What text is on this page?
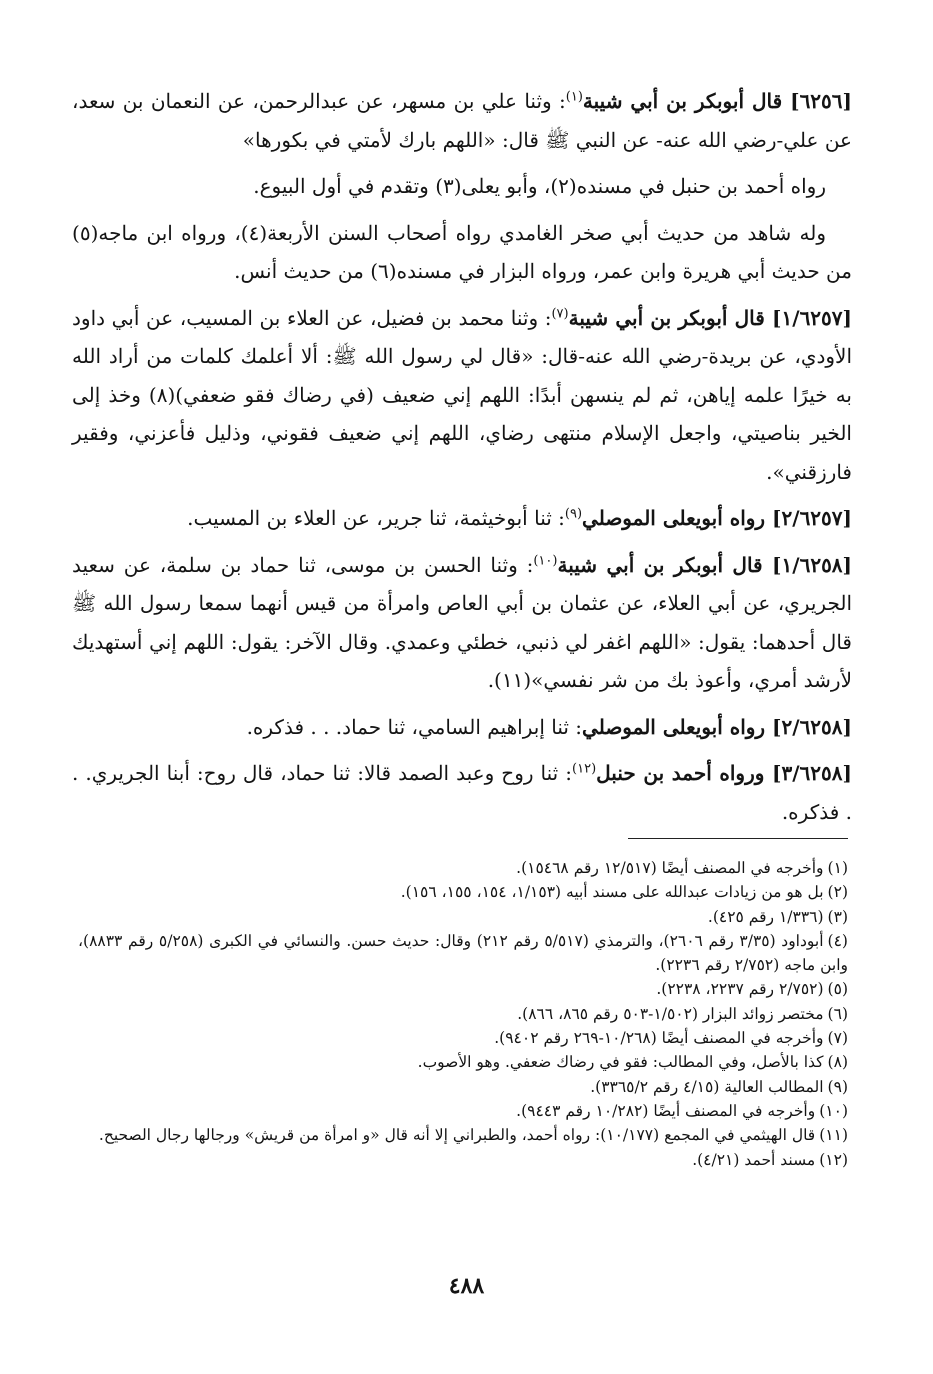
[٦٢٥٦] قال أبوبكر بن أبي شيبة$^{(١)}$: وثنا علي بن مسهر، عن عبدالرحمن، عن النعمان بن سعد، عن علي-رضي الله عنه- عن النبي ﷺ قال: «اللهم بارك لأمتي في بكورها»

رواه أحمد بن حنبل في مسنده(٢)، وأبو يعلى(٣) وتقدم في أول البيوع.

وله شاهد من حديث أبي صخر الغامدي رواه أصحاب السنن الأربعة(٤)، ورواه ابن ماجه(٥) من حديث أبي هريرة وابن عمر، ورواه البزار في مسنده(٦) من حديث أنس.

[١/٦٢٥٧] قال أبوبكر بن أبي شيبة$^{(٧)}$: وثنا محمد بن فضيل، عن العلاء بن المسيب، عن أبي داود الأودي، عن بريدة-رضي الله عنه-قال: «قال لي رسول الله ﷺ: ألا أعلمك كلمات من أراد الله به خيرًا علمه إياهن، ثم لم ينسهن أبدًا: اللهم إني ضعيف (في رضاك فقو ضعفي)(٨) وخذ إلى الخير بناصيتي، واجعل الإسلام منتهى رضاي، اللهم إني ضعيف فقوني، وذليل فأعزني، وفقير فارزقني».

[٢/٦٢٥٧] رواه أبويعلى الموصلي$^{(٩)}$: ثنا أبوخيثمة، ثنا جرير، عن العلاء بن المسيب.

[١/٦٢٥٨] قال أبوبكر بن أبي شيبة$^{(١٠)}$: وثنا الحسن بن موسى، ثنا حماد بن سلمة، عن سعيد الجريري، عن أبي العلاء، عن عثمان بن أبي العاص وامرأة من قيس أنهما سمعا رسول الله ﷺ قال أحدهما: يقول: «اللهم اغفر لي ذنبي، خطئي وعمدي. وقال الآخر: يقول: اللهم إني أستهديك لأرشد أمري، وأعوذ بك من شر نفسي»(١١).

[٢/٦٢٥٨] رواه أبويعلى الموصلي: ثنا إبراهيم السامي، ثنا حماد. . . فذكره.

[٣/٦٢٥٨] ورواه أحمد بن حنبل$^{(١٢)}$: ثنا روح وعبد الصمد قالا: ثنا حماد، قال روح: أبنا الجريري. . . فذكره.

(١)وأخرجه في المصنف أيضًا (١٢/٥١٧ رقم ١٥٤٦٨).

(٢)بل هو من زيادات عبدالله على مسند أبيه (١/١٥٣، ١٥٤، ١٥٥، ١٥٦).

(٣)(١/٣٣٦ رقم ٤٢٥).

(٤)أبوداود (٣/٣٥ رقم ٢٦٠٦)، والترمذي (٥/٥١٧ رقم ٢١٢) وقال: حديث حسن. والنسائي في الكبرى (٥/٢٥٨ رقم ٨٨٣٣)، وابن ماجه (٢/٧٥٢ رقم ٢٢٣٦).

(٥)(٢/٧٥٢ رقم ٢٢٣٧، ٢٢٣٨).

(٦)مختصر زوائد البزار (١/٥٠٢-٥٠٣ رقم ٨٦٥، ٨٦٦).

(٧)وأخرجه في المصنف أيضًا (١٠/٢٦٨-٢٦٩ رقم ٩٤٠٢).

(٨)كذا بالأصل، وفي المطالب: فقو في رضاك ضعفي. وهو الأصوب.

(٩)المطالب العالية (٤/١٥ رقم ٣٣٦٥/٢).

(١٠)وأخرجه في المصنف أيضًا (١٠/٢٨٢ رقم ٩٤٤٣).

(١١)قال الهيثمي في المجمع (١٠/١٧٧): رواه أحمد، والطبراني إلا أنه قال «و امرأة من قريش» ورجالها رجال الصحيح.

(١٢)مسند أحمد (٤/٢١).

٤٨٨
